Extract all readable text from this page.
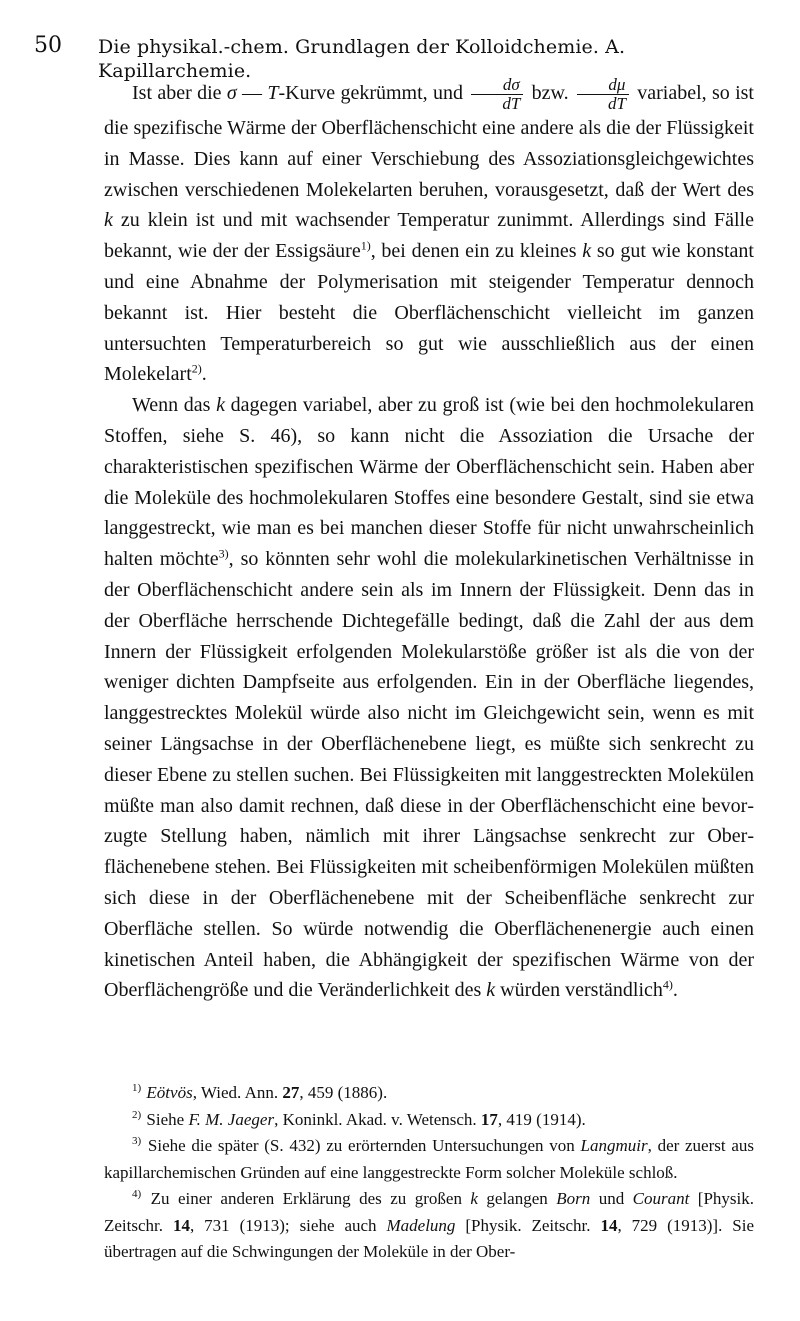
50 Die physikal.-chem. Grundlagen der Kolloidchemie. A. Kapillarchemie.

Ist aber die σ — T-Kurve gekrümmt, und $\frac{d\sigma}{dT}$ bzw. $\frac{d\mu}{dT}$ variabel, so ist die spezifische Wärme der Oberflächenschicht eine andere als die der Flüssigkeit in Masse. Dies kann auf einer Verschiebung des Assoziationsgleichgewichtes zwischen verschiedenen Molekelarten beruhen, vorausgesetzt, daß der Wert des k zu klein ist und mit wachsender Temperatur zunimmt. Allerdings sind Fälle bekannt, wie der der Essigsäure$^{1)}$, bei denen ein zu kleines k so gut wie konstant und eine Abnahme der Polymerisation mit steigender Temperatur dennoch bekannt ist. Hier besteht die Oberflächenschicht vielleicht im ganzen untersuchten Temperaturbereich so gut wie ausschließlich aus der einen Molekelart$^{2)}$.

Wenn das k dagegen variabel, aber zu groß ist (wie bei den hochmolekularen Stoffen, siehe S. 46), so kann nicht die Assoziation die Ursache der charakteristischen spezifischen Wärme der Oberflächenschicht sein. Haben aber die Moleküle des hochmolekularen Stoffes eine besondere Gestalt, sind sie etwa langgestreckt, wie man es bei manchen dieser Stoffe für nicht unwahrscheinlich halten möchte$^{3)}$, so könnten sehr wohl die molekularkinetischen Verhältnisse in der Oberflächenschicht andere sein als im Innern der Flüssigkeit. Denn das in der Oberfläche herrschende Dichtegefälle bedingt, daß die Zahl der aus dem Innern der Flüssigkeit erfolgenden Molekularstöße größer ist als die von der weniger dichten Dampfseite aus erfolgenden. Ein in der Oberfläche liegendes, langgestrecktes Molekül würde also nicht im Gleichgewicht sein, wenn es mit seiner Längsachse in der Oberflächenebene liegt, es müßte sich senkrecht zu dieser Ebene zu stellen suchen. Bei Flüssigkeiten mit langgestreckten Molekülen müßte man also damit rechnen, daß diese in der Oberflächenschicht eine bevorzugte Stellung haben, nämlich mit ihrer Längsachse senkrecht zur Oberflächenebene stehen. Bei Flüssigkeiten mit scheibenförmigen Molekülen müßten sich diese in der Oberflächenebene mit der Scheibenfläche senkrecht zur Oberfläche stellen. So würde notwendig die Oberflächenenergie auch einen kinetischen Anteil haben, die Abhängigkeit der spezifischen Wärme von der Oberflächengröße und die Veränderlichkeit des k würden verständlich$^{4)}$.

$^{1)}$ Eötvös, Wied. Ann. 27, 459 (1886).

$^{2)}$ Siehe F. M. Jaeger, Koninkl. Akad. v. Wetensch. 17, 419 (1914).

$^{3)}$ Siehe die später (S. 432) zu erörternden Untersuchungen von Langmuir, der zuerst aus kapillarchemischen Gründen auf eine langgestreckte Form solcher Moleküle schloß.

$^{4)}$ Zu einer anderen Erklärung des zu großen k gelangen Born und Courant [Physik. Zeitschr. 14, 731 (1913); siehe auch Madelung [Physik. Zeitschr. 14, 729 (1913)]. Sie übertragen auf die Schwingungen der Moleküle in der Ober-
